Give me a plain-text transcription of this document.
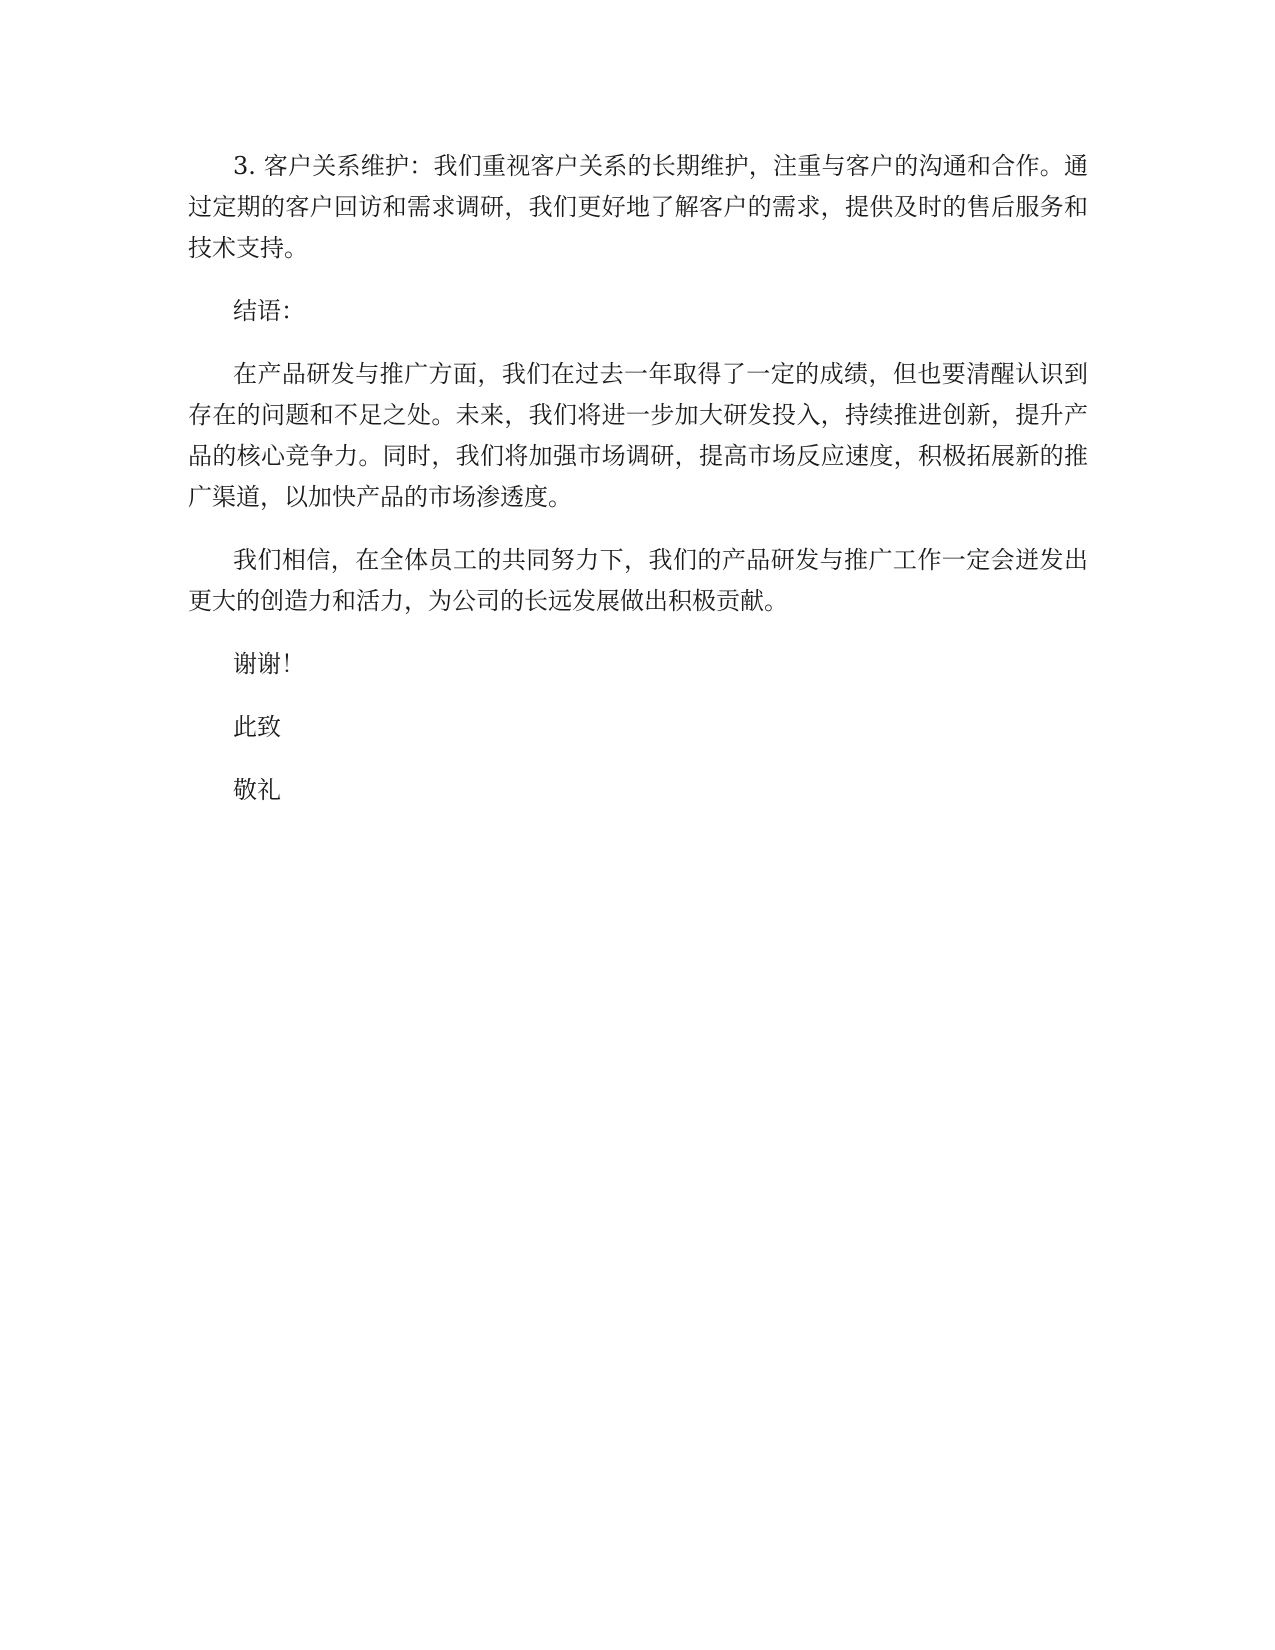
3. 客户关系维护：我们重视客户关系的长期维护，注重与客户的沟通和合作。通过定期的客户回访和需求调研，我们更好地了解客户的需求，提供及时的售后服务和技术支持。

结语：

在产品研发与推广方面，我们在过去一年取得了一定的成绩，但也要清醒认识到存在的问题和不足之处。未来，我们将进一步加大研发投入，持续推进创新，提升产品的核心竞争力。同时，我们将加强市场调研，提高市场反应速度，积极拓展新的推广渠道，以加快产品的市场渗透度。

我们相信，在全体员工的共同努力下，我们的产品研发与推广工作一定会迸发出更大的创造力和活力，为公司的长远发展做出积极贡献。

谢谢！

此致

敬礼
